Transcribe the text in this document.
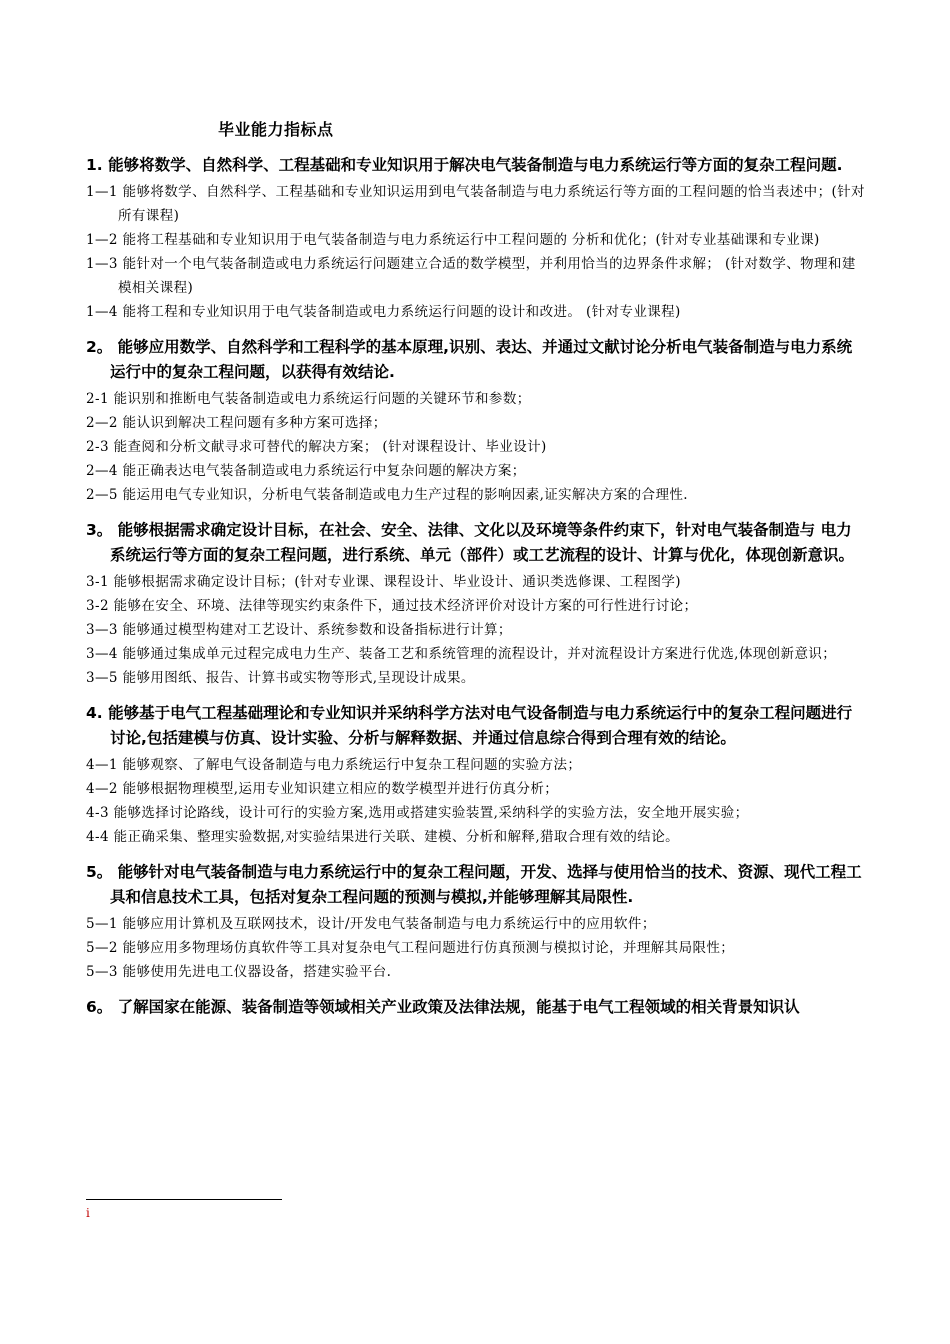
毕业能力指标点
1. 能够将数学、自然科学、工程基础和专业知识用于解决电气装备制造与电力系统运行等方面的复杂工程问题.
1—1 能够将数学、自然科学、工程基础和专业知识运用到电气装备制造与电力系统运行等方面的工程问题的恰当表述中；(针对所有课程)
1—2 能将工程基础和专业知识用于电气装备制造与电力系统运行中工程问题的 分析和优化；(针对专业基础课和专业课)
1—3 能针对一个电气装备制造或电力系统运行问题建立合适的数学模型，并利用恰当的边界条件求解； (针对数学、物理和建模相关课程)
1—4 能将工程和专业知识用于电气装备制造或电力系统运行问题的设计和改进。 (针对专业课程)
2。 能够应用数学、自然科学和工程科学的基本原理,识别、表达、并通过文献讨论分析电气装备制造与电力系统运行中的复杂工程问题，以获得有效结论.
2-1 能识别和推断电气装备制造或电力系统运行问题的关键环节和参数；
2—2 能认识到解决工程问题有多种方案可选择；
2-3 能查阅和分析文献寻求可替代的解决方案； (针对课程设计、毕业设计)
2—4 能正确表达电气装备制造或电力系统运行中复杂问题的解决方案；
2—5 能运用电气专业知识，分析电气装备制造或电力生产过程的影响因素,证实解决方案的合理性.
3。 能够根据需求确定设计目标，在社会、安全、法律、文化以及环境等条件约束下，针对电气装备制造与 电力系统运行等方面的复杂工程问题，进行系统、单元（部件）或工艺流程的设计、计算与优化，体现创新意识。
3-1 能够根据需求确定设计目标；(针对专业课、课程设计、毕业设计、通识类选修课、工程图学)
3-2 能够在安全、环境、法律等现实约束条件下，通过技术经济评价对设计方案的可行性进行讨论；
3—3 能够通过模型构建对工艺设计、系统参数和设备指标进行计算；
3—4 能够通过集成单元过程完成电力生产、装备工艺和系统管理的流程设计，并对流程设计方案进行优选,体现创新意识；
3—5 能够用图纸、报告、计算书或实物等形式,呈现设计成果。
4. 能够基于电气工程基础理论和专业知识并采纳科学方法对电气设备制造与电力系统运行中的复杂工程问题进行讨论,包括建模与仿真、设计实验、分析与解释数据、并通过信息综合得到合理有效的结论。
4—1 能够观察、了解电气设备制造与电力系统运行中复杂工程问题的实验方法；
4—2 能够根据物理模型,运用专业知识建立相应的数学模型并进行仿真分析；
4-3 能够选择讨论路线，设计可行的实验方案,选用或搭建实验装置,采纳科学的实验方法，安全地开展实验；
4-4 能正确采集、整理实验数据,对实验结果进行关联、建模、分析和解释,猎取合理有效的结论。
5。 能够针对电气装备制造与电力系统运行中的复杂工程问题，开发、选择与使用恰当的技术、资源、现代工程工具和信息技术工具，包括对复杂工程问题的预测与模拟,并能够理解其局限性.
5—1 能够应用计算机及互联网技术，设计/开发电气装备制造与电力系统运行中的应用软件；
5—2 能够应用多物理场仿真软件等工具对复杂电气工程问题进行仿真预测与模拟讨论，并理解其局限性；
5—3 能够使用先进电工仪器设备，搭建实验平台.
6。 了解国家在能源、装备制造等领域相关产业政策及法律法规，能基于电气工程领域的相关背景知识认
i
